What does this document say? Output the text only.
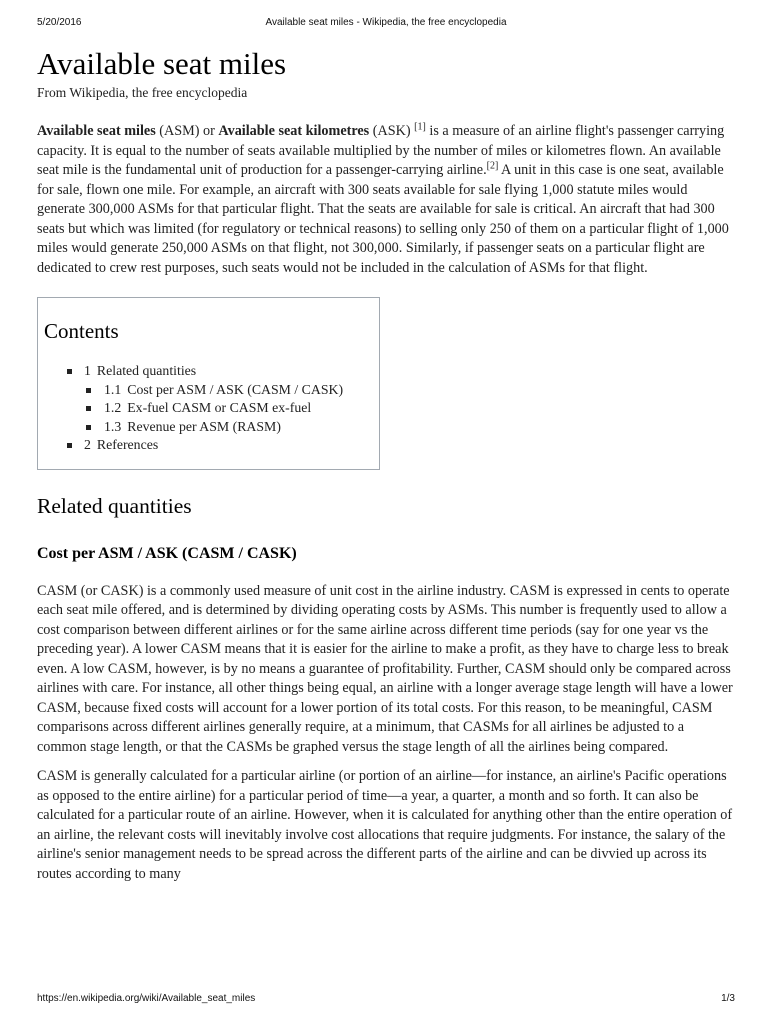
5/20/2016	Available seat miles - Wikipedia, the free encyclopedia
Available seat miles

From Wikipedia, the free encyclopedia

Available seat miles (ASM) or Available seat kilometres (ASK) [1] is a measure of an airline flight's passenger carrying capacity. It is equal to the number of seats available multiplied by the number of miles or kilometres flown. An available seat mile is the fundamental unit of production for a passenger-carrying airline.[2] A unit in this case is one seat, available for sale, flown one mile. For example, an aircraft with 300 seats available for sale flying 1,000 statute miles would generate 300,000 ASMs for that particular flight. That the seats are available for sale is critical. An aircraft that had 300 seats but which was limited (for regulatory or technical reasons) to selling only 250 of them on a particular flight of 1,000 miles would generate 250,000 ASMs on that flight, not 300,000. Similarly, if passenger seats on a particular flight are dedicated to crew rest purposes, such seats would not be included in the calculation of ASMs for that flight.

Contents
1 Related quantities
1.1 Cost per ASM / ASK (CASM / CASK)
1.2 Ex-fuel CASM or CASM ex-fuel
1.3 Revenue per ASM (RASM)
2 References
Related quantities
Cost per ASM / ASK (CASM / CASK)

CASM (or CASK) is a commonly used measure of unit cost in the airline industry. CASM is expressed in cents to operate each seat mile offered, and is determined by dividing operating costs by ASMs. This number is frequently used to allow a cost comparison between different airlines or for the same airline across different time periods (say for one year vs the preceding year). A lower CASM means that it is easier for the airline to make a profit, as they have to charge less to break even. A low CASM, however, is by no means a guarantee of profitability. Further, CASM should only be compared across airlines with care. For instance, all other things being equal, an airline with a longer average stage length will have a lower CASM, because fixed costs will account for a lower portion of its total costs. For this reason, to be meaningful, CASM comparisons across different airlines generally require, at a minimum, that CASMs for all airlines be adjusted to a common stage length, or that the CASMs be graphed versus the stage length of all the airlines being compared.

CASM is generally calculated for a particular airline (or portion of an airline—for instance, an airline's Pacific operations as opposed to the entire airline) for a particular period of time—a year, a quarter, a month and so forth. It can also be calculated for a particular route of an airline. However, when it is calculated for anything other than the entire operation of an airline, the relevant costs will inevitably involve cost allocations that require judgments. For instance, the salary of the airline's senior management needs to be spread across the different parts of the airline and can be divvied up across its routes according to many

https://en.wikipedia.org/wiki/Available_seat_miles	1/3
